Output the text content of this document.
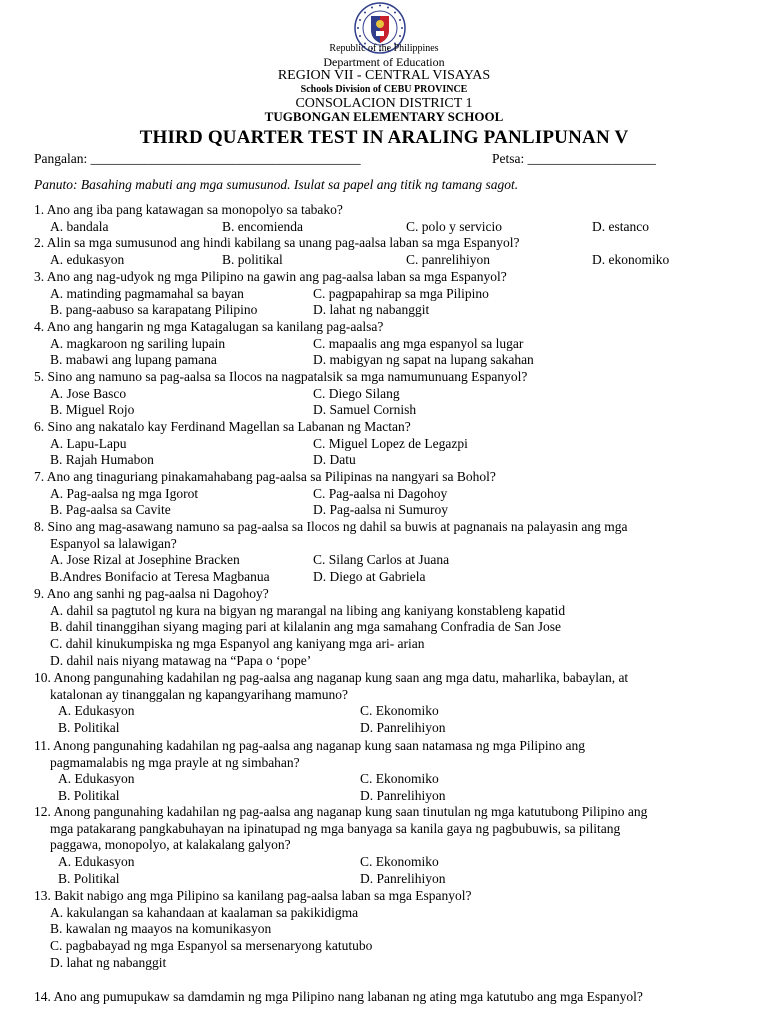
Republic of the Philippines
Department of Education
REGION VII - CENTRAL VISAYAS
Schools Division of CEBU PROVINCE
CONSOLACION DISTRICT 1
TUGBONGAN ELEMENTARY SCHOOL
THIRD QUARTER TEST IN ARALING PANLIPUNAN V
Pangalan: ________________________________________	Petsa: ___________________
Panuto: Basahing mabuti ang mga sumusunod. Isulat sa papel ang titik ng tamang sagot.
1. Ano ang iba pang katawagan sa monopolyo sa tabako?
A. bandala	B. encomienda	C. polo y servicio	D. estanco
2. Alin sa mga sumusunod ang hindi kabilang sa unang pag-aalsa laban sa mga Espanyol?
A. edukasyon	B. politikal	C. panrelihiyon	D. ekonomiko
3. Ano ang nag-udyok ng mga Pilipino na gawin ang pag-aalsa laban sa mga Espanyol?
A. matinding pagmamahal sa bayan	C. pagpapahirap sa mga Pilipino
B. pang-aabuso sa karapatang Pilipino	D. lahat ng nabanggit
4. Ano ang hangarin ng mga Katagalugan sa kanilang pag-aalsa?
A. magkaroon ng sariling lupain	C. mapaalis ang mga espanyol sa lugar
B. mabawi ang lupang pamana	D. mabigyan ng sapat na lupang sakahan
5. Sino ang namuno sa pag-aalsa sa Ilocos na nagpatalsik sa mga namumunuang Espanyol?
A. Jose Basco	C. Diego Silang
B. Miguel Rojo	D. Samuel Cornish
6. Sino ang nakatalo kay Ferdinand Magellan sa Labanan ng Mactan?
A. Lapu-Lapu	C. Miguel Lopez de Legazpi
B. Rajah Humabon	D. Datu
7. Ano ang tinaguriang pinakamahabang pag-aalsa sa Pilipinas na nangyari sa Bohol?
A. Pag-aalsa ng mga Igorot	C. Pag-aalsa ni Dagohoy
B. Pag-aalsa sa Cavite	D. Pag-aalsa ni Sumuroy
8. Sino ang mag-asawang namuno sa pag-aalsa sa Ilocos ng dahil sa buwis at pagnanais na palayasin ang mga
Espanyol sa lalawigan?
A. Jose Rizal at Josephine Bracken	C. Silang Carlos at Juana
B.Andres Bonifacio at Teresa Magbanua	D. Diego at Gabriela
9. Ano ang sanhi ng pag-aalsa ni Dagohoy?
A. dahil sa pagtutol ng kura na bigyan ng marangal na libing ang kaniyang konstableng kapatid
B. dahil tinanggihan siyang maging pari at kilalanin ang mga samahang Confradia de San Jose
C. dahil kinukumpiska ng mga Espanyol ang kaniyang mga ari- arian
D. dahil nais niyang matawag na “Papa o ‘pope’
10. Anong pangunahing kadahilan ng pag-aalsa ang naganap kung saan ang mga datu, maharlika, babaylan, at
katalonan ay tinanggalan ng kapangyarihang mamuno?
A. Edukasyon	C. Ekonomiko
B. Politikal	D. Panrelihiyon
11. Anong pangunahing kadahilan ng pag-aalsa ang naganap kung saan natamasa ng mga Pilipino ang
pagmamalabis ng mga prayle at ng simbahan?
A. Edukasyon	C. Ekonomiko
B. Politikal	D. Panrelihiyon
12. Anong pangunahing kadahilan ng pag-aalsa ang naganap kung saan tinutulan ng mga katutubong Pilipino ang
mga patakarang pangkabuhayan na ipinatupad ng mga banyaga sa kanila gaya ng pagbubuwis, sa pilitang
paggawa, monopolyo, at kalakalang galyon?
A. Edukasyon	C. Ekonomiko
B. Politikal	D. Panrelihiyon
13. Bakit nabigo ang mga Pilipino sa kanilang pag-aalsa laban sa mga Espanyol?
A. kakulangan sa kahandaan at kaalaman sa pakikidigma
B. kawalan ng maayos na komunikasyon
C. pagbabayad ng mga Espanyol sa mersenaryong katutubo
D. lahat ng nabanggit
14. Ano ang pumupukaw sa damdamin ng mga Pilipino nang labanan ng ating mga katutubo ang mga Espanyol?
